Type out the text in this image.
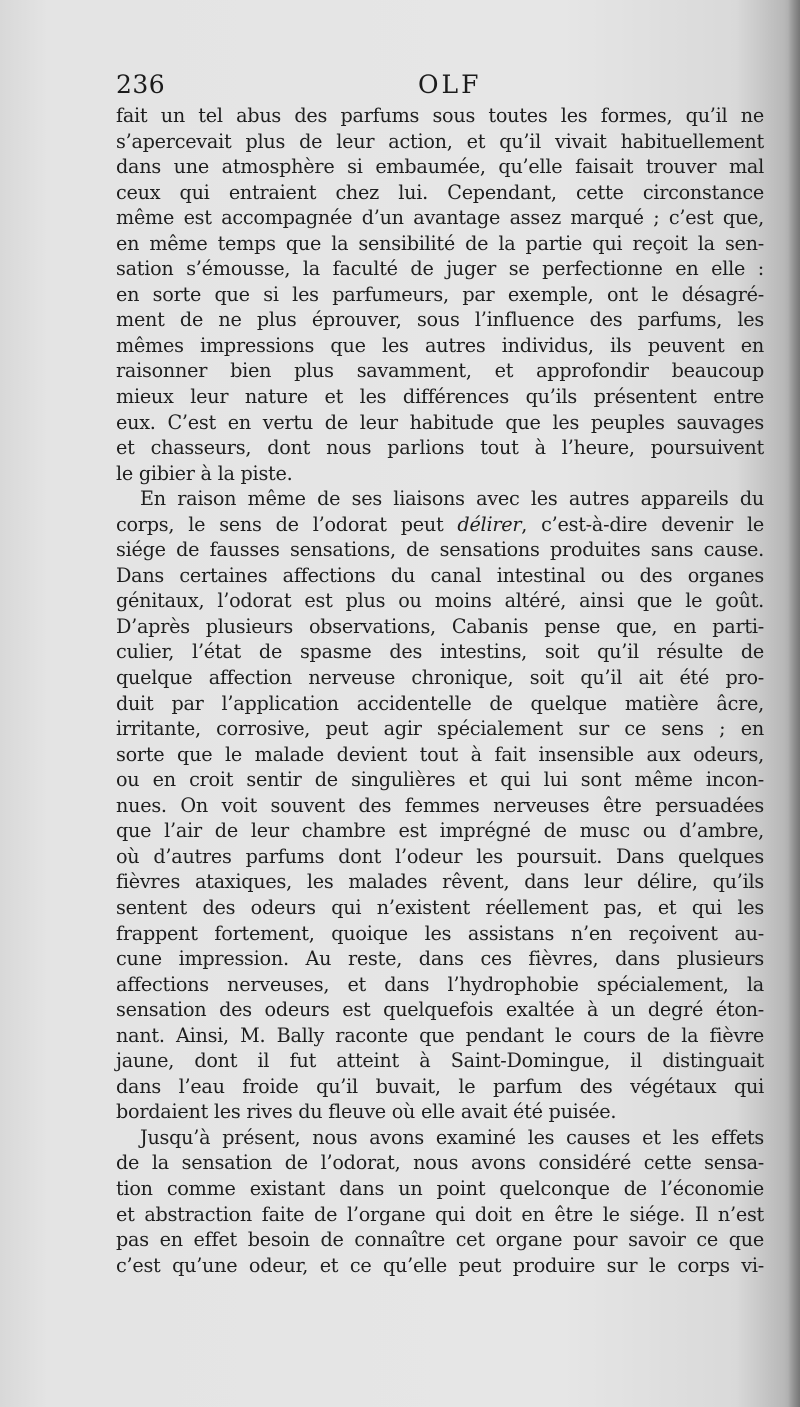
236	OLF
fait un tel abus des parfums sous toutes les formes, qu’il ne
s’apercevait plus de leur action, et qu’il vivait habituellement
dans une atmosphère si embaumée, qu’elle faisait trouver mal
ceux qui entraient chez lui. Cependant, cette circonstance
même est accompagnée d’un avantage assez marqué ; c’est que,
en même temps que la sensibilité de la partie qui reçoit la sen-
sation s’émousse, la faculté de juger se perfectionne en elle :
en sorte que si les parfumeurs, par exemple, ont le désagré-
ment de ne plus éprouver, sous l’influence des parfums, les
mêmes impressions que les autres individus, ils peuvent en
raisonner bien plus savamment, et approfondir beaucoup
mieux leur nature et les différences qu’ils présentent entre
eux. C’est en vertu de leur habitude que les peuples sauvages
et chasseurs, dont nous parlions tout à l’heure, poursuivent
le gibier à la piste.
En raison même de ses liaisons avec les autres appareils du
corps, le sens de l’odorat peut délirer, c’est-à-dire devenir le
siége de fausses sensations, de sensations produites sans cause.
Dans certaines affections du canal intestinal ou des organes
génitaux, l’odorat est plus ou moins altéré, ainsi que le goût.
D’après plusieurs observations, Cabanis pense que, en parti-
culier, l’état de spasme des intestins, soit qu’il résulte de
quelque affection nerveuse chronique, soit qu’il ait été pro-
duit par l’application accidentelle de quelque matière âcre,
irritante, corrosive, peut agir spécialement sur ce sens ; en
sorte que le malade devient tout à fait insensible aux odeurs,
ou en croit sentir de singulières et qui lui sont même incon-
nues. On voit souvent des femmes nerveuses être persuadées
que l’air de leur chambre est imprégné de musc ou d’ambre,
où d’autres parfums dont l’odeur les poursuit. Dans quelques
fièvres ataxiques, les malades rêvent, dans leur délire, qu’ils
sentent des odeurs qui n’existent réellement pas, et qui les
frappent fortement, quoique les assistans n’en reçoivent au-
cune impression. Au reste, dans ces fièvres, dans plusieurs
affections nerveuses, et dans l’hydrophobie spécialement, la
sensation des odeurs est quelquefois exaltée à un degré éton-
nant. Ainsi, M. Bally raconte que pendant le cours de la fièvre
jaune, dont il fut atteint à Saint-Domingue, il distinguait
dans l’eau froide qu’il buvait, le parfum des végétaux qui
bordaient les rives du fleuve où elle avait été puisée.
Jusqu’à présent, nous avons examiné les causes et les effets
de la sensation de l’odorat, nous avons considéré cette sensa-
tion comme existant dans un point quelconque de l’économie
et abstraction faite de l’organe qui doit en être le siége. Il n’est
pas en effet besoin de connaître cet organe pour savoir ce que
c’est qu’une odeur, et ce qu’elle peut produire sur le corps vi-
